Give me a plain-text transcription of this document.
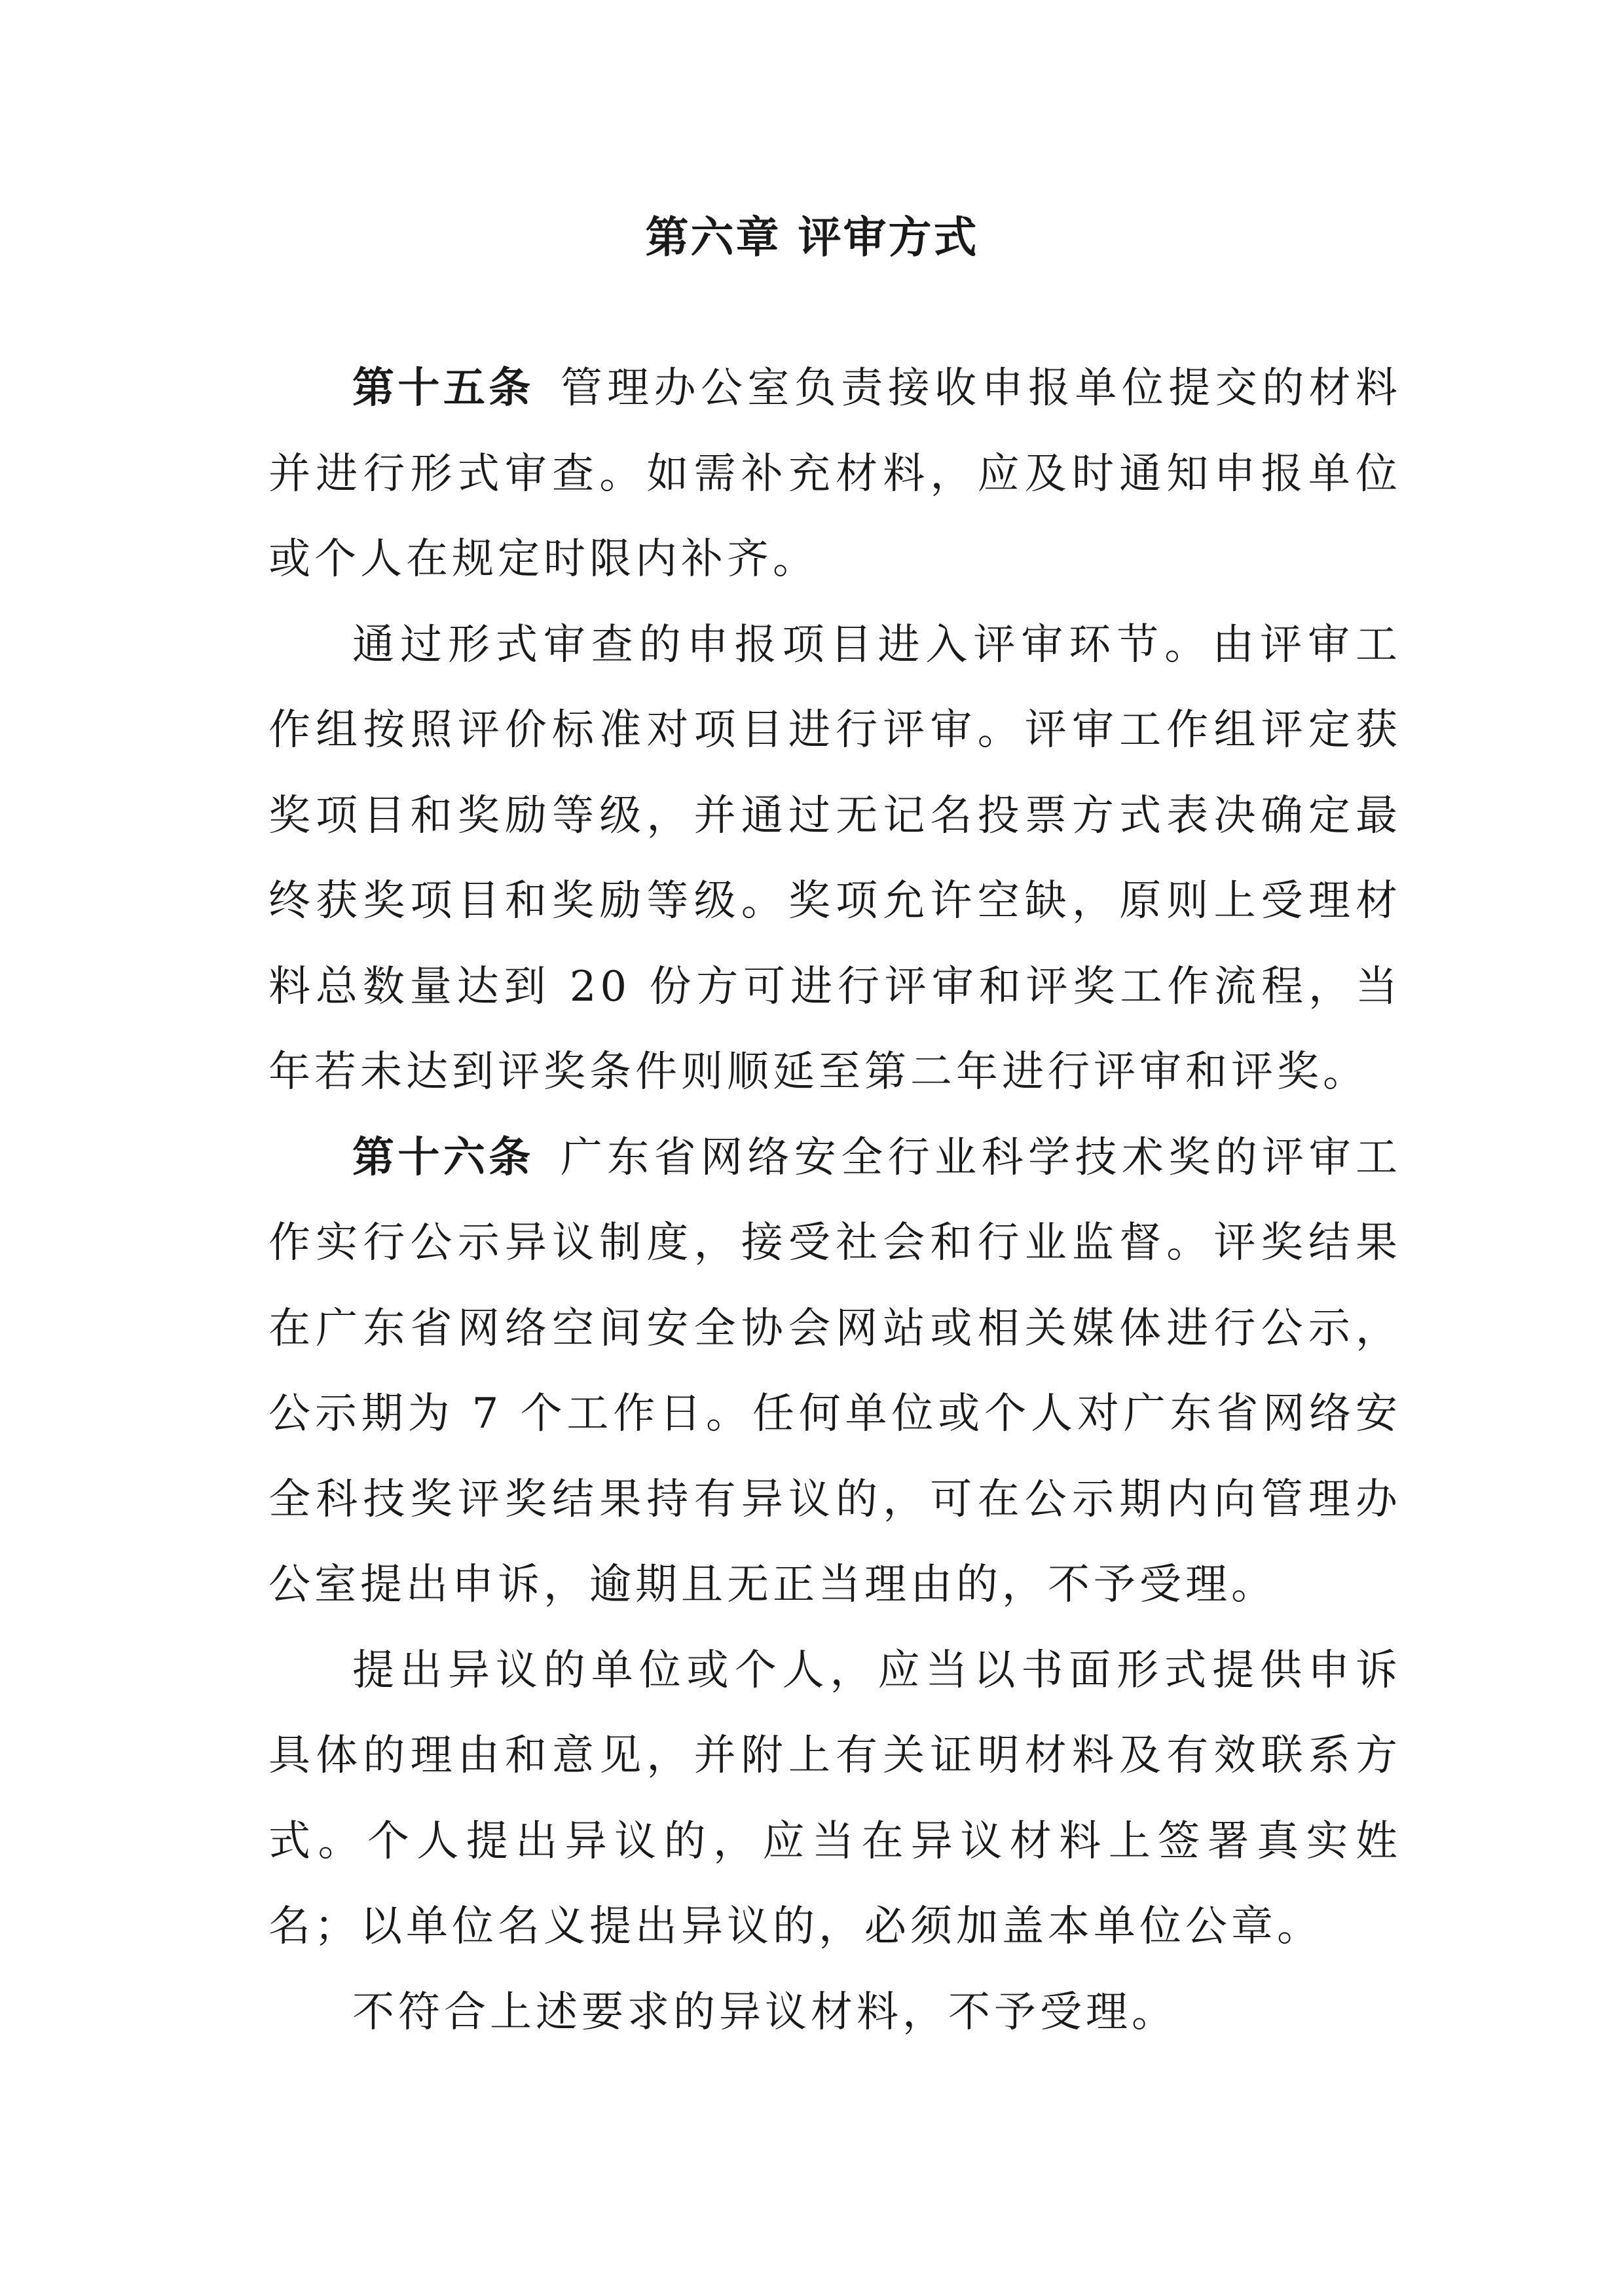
第六章 评审方式

第十五条 管理办公室负责接收申报单位提交的材料并进行形式审查。如需补充材料，应及时通知申报单位或个人在规定时限内补齐。

通过形式审查的申报项目进入评审环节。由评审工作组按照评价标准对项目进行评审。评审工作组评定获奖项目和奖励等级，并通过无记名投票方式表决确定最终获奖项目和奖励等级。奖项允许空缺，原则上受理材料总数量达到 20 份方可进行评审和评奖工作流程，当年若未达到评奖条件则顺延至第二年进行评审和评奖。

第十六条 广东省网络安全行业科学技术奖的评审工作实行公示异议制度，接受社会和行业监督。评奖结果在广东省网络空间安全协会网站或相关媒体进行公示，公示期为 7 个工作日。任何单位或个人对广东省网络安全科技奖评奖结果持有异议的，可在公示期内向管理办公室提出申诉，逾期且无正当理由的，不予受理。

提出异议的单位或个人，应当以书面形式提供申诉具体的理由和意见，并附上有关证明材料及有效联系方式。个人提出异议的，应当在异议材料上签署真实姓名；以单位名义提出异议的，必须加盖本单位公章。

不符合上述要求的异议材料，不予受理。
